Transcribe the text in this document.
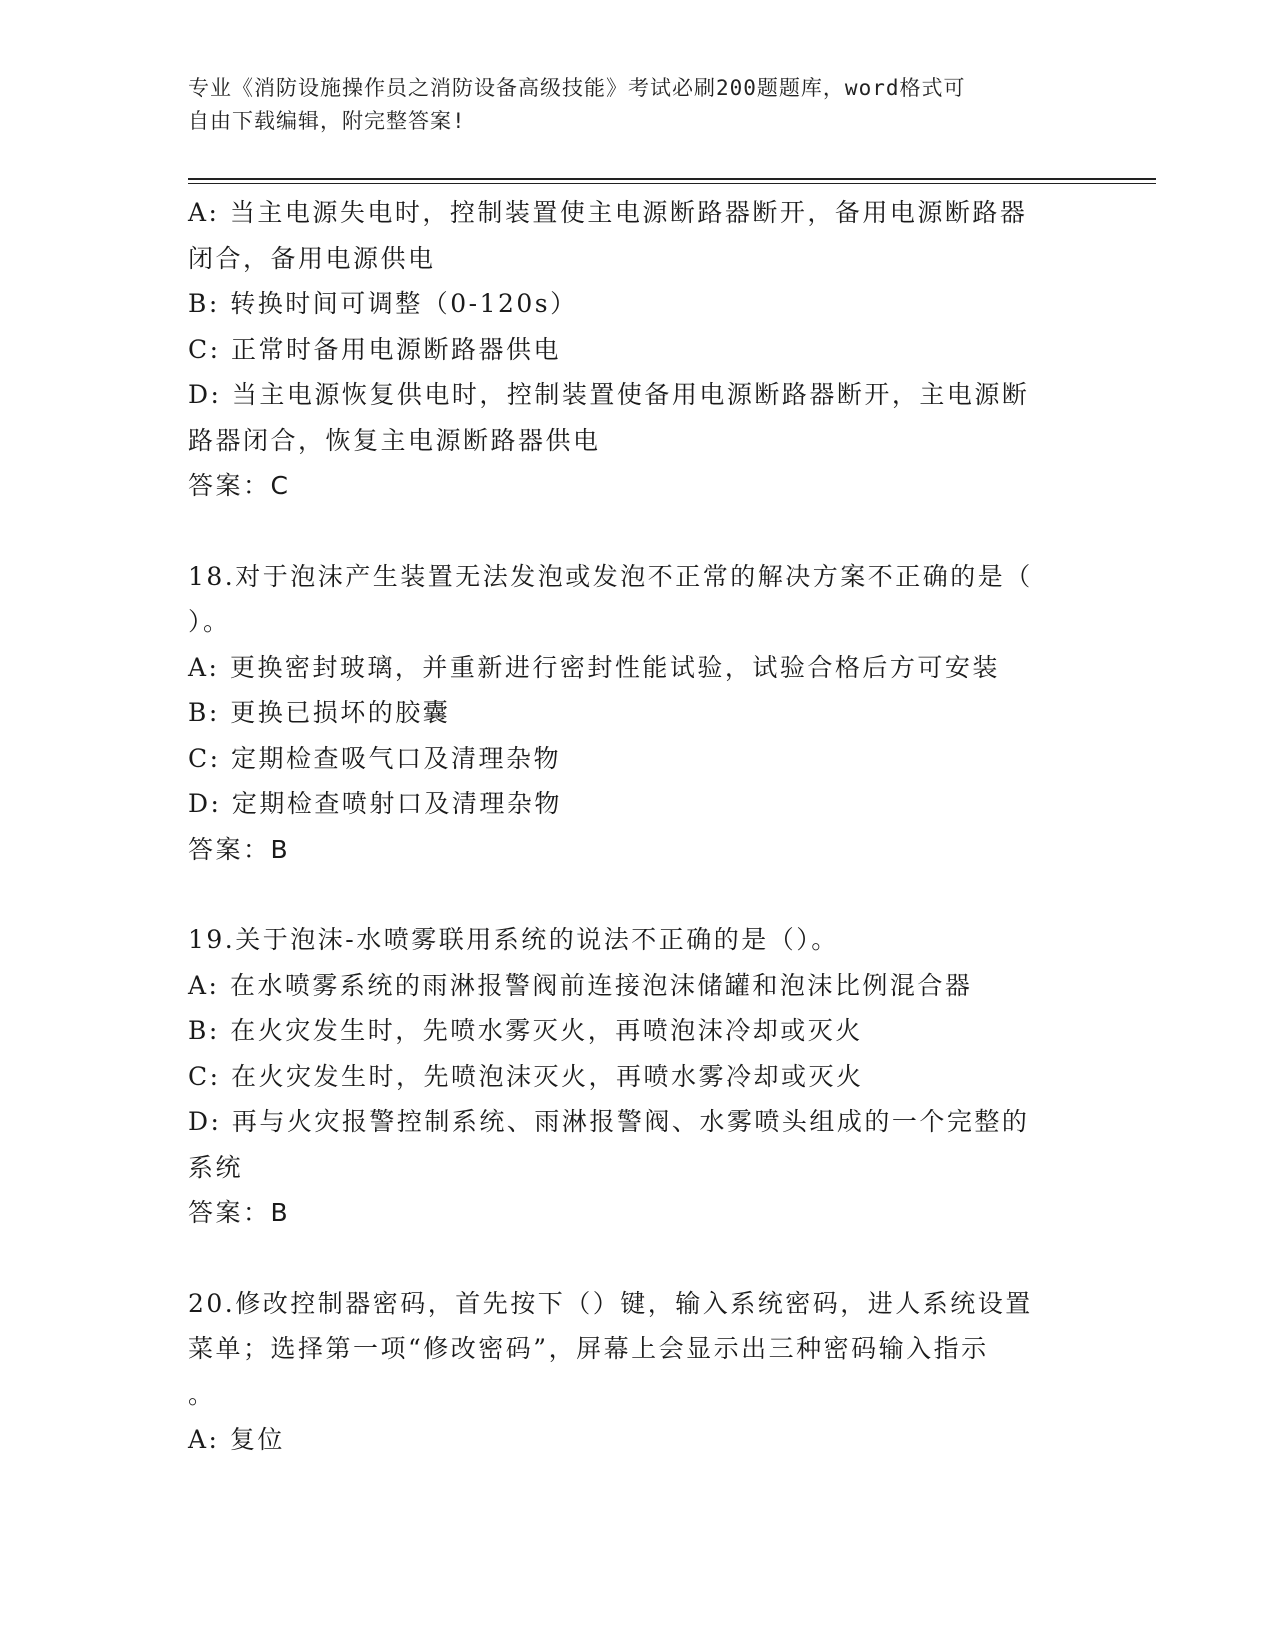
专业《消防设施操作员之消防设备高级技能》考试必刷200题题库，word格式可
自由下载编辑，附完整答案!
A: 当主电源失电时，控制装置使主电源断路器断开，备用电源断路器
闭合，备用电源供电
B: 转换时间可调整（0-120s）
C: 正常时备用电源断路器供电
D: 当主电源恢复供电时，控制装置使备用电源断路器断开，主电源断
路器闭合，恢复主电源断路器供电
答案：C
18.对于泡沫产生装置无法发泡或发泡不正常的解决方案不正确的是（
）。
A: 更换密封玻璃，并重新进行密封性能试验，试验合格后方可安装
B: 更换已损坏的胶囊
C: 定期检查吸气口及清理杂物
D: 定期检查喷射口及清理杂物
答案：B
19.关于泡沫-水喷雾联用系统的说法不正确的是（）。
A: 在水喷雾系统的雨淋报警阀前连接泡沫储罐和泡沫比例混合器
B: 在火灾发生时，先喷水雾灭火，再喷泡沫冷却或灭火
C: 在火灾发生时，先喷泡沫灭火，再喷水雾冷却或灭火
D: 再与火灾报警控制系统、雨淋报警阀、水雾喷头组成的一个完整的
系统
答案：B
20.修改控制器密码，首先按下（）键，输入系统密码，进人系统设置
菜单；选择第一项“修改密码”，屏幕上会显示出三种密码输入指示
。
A: 复位
